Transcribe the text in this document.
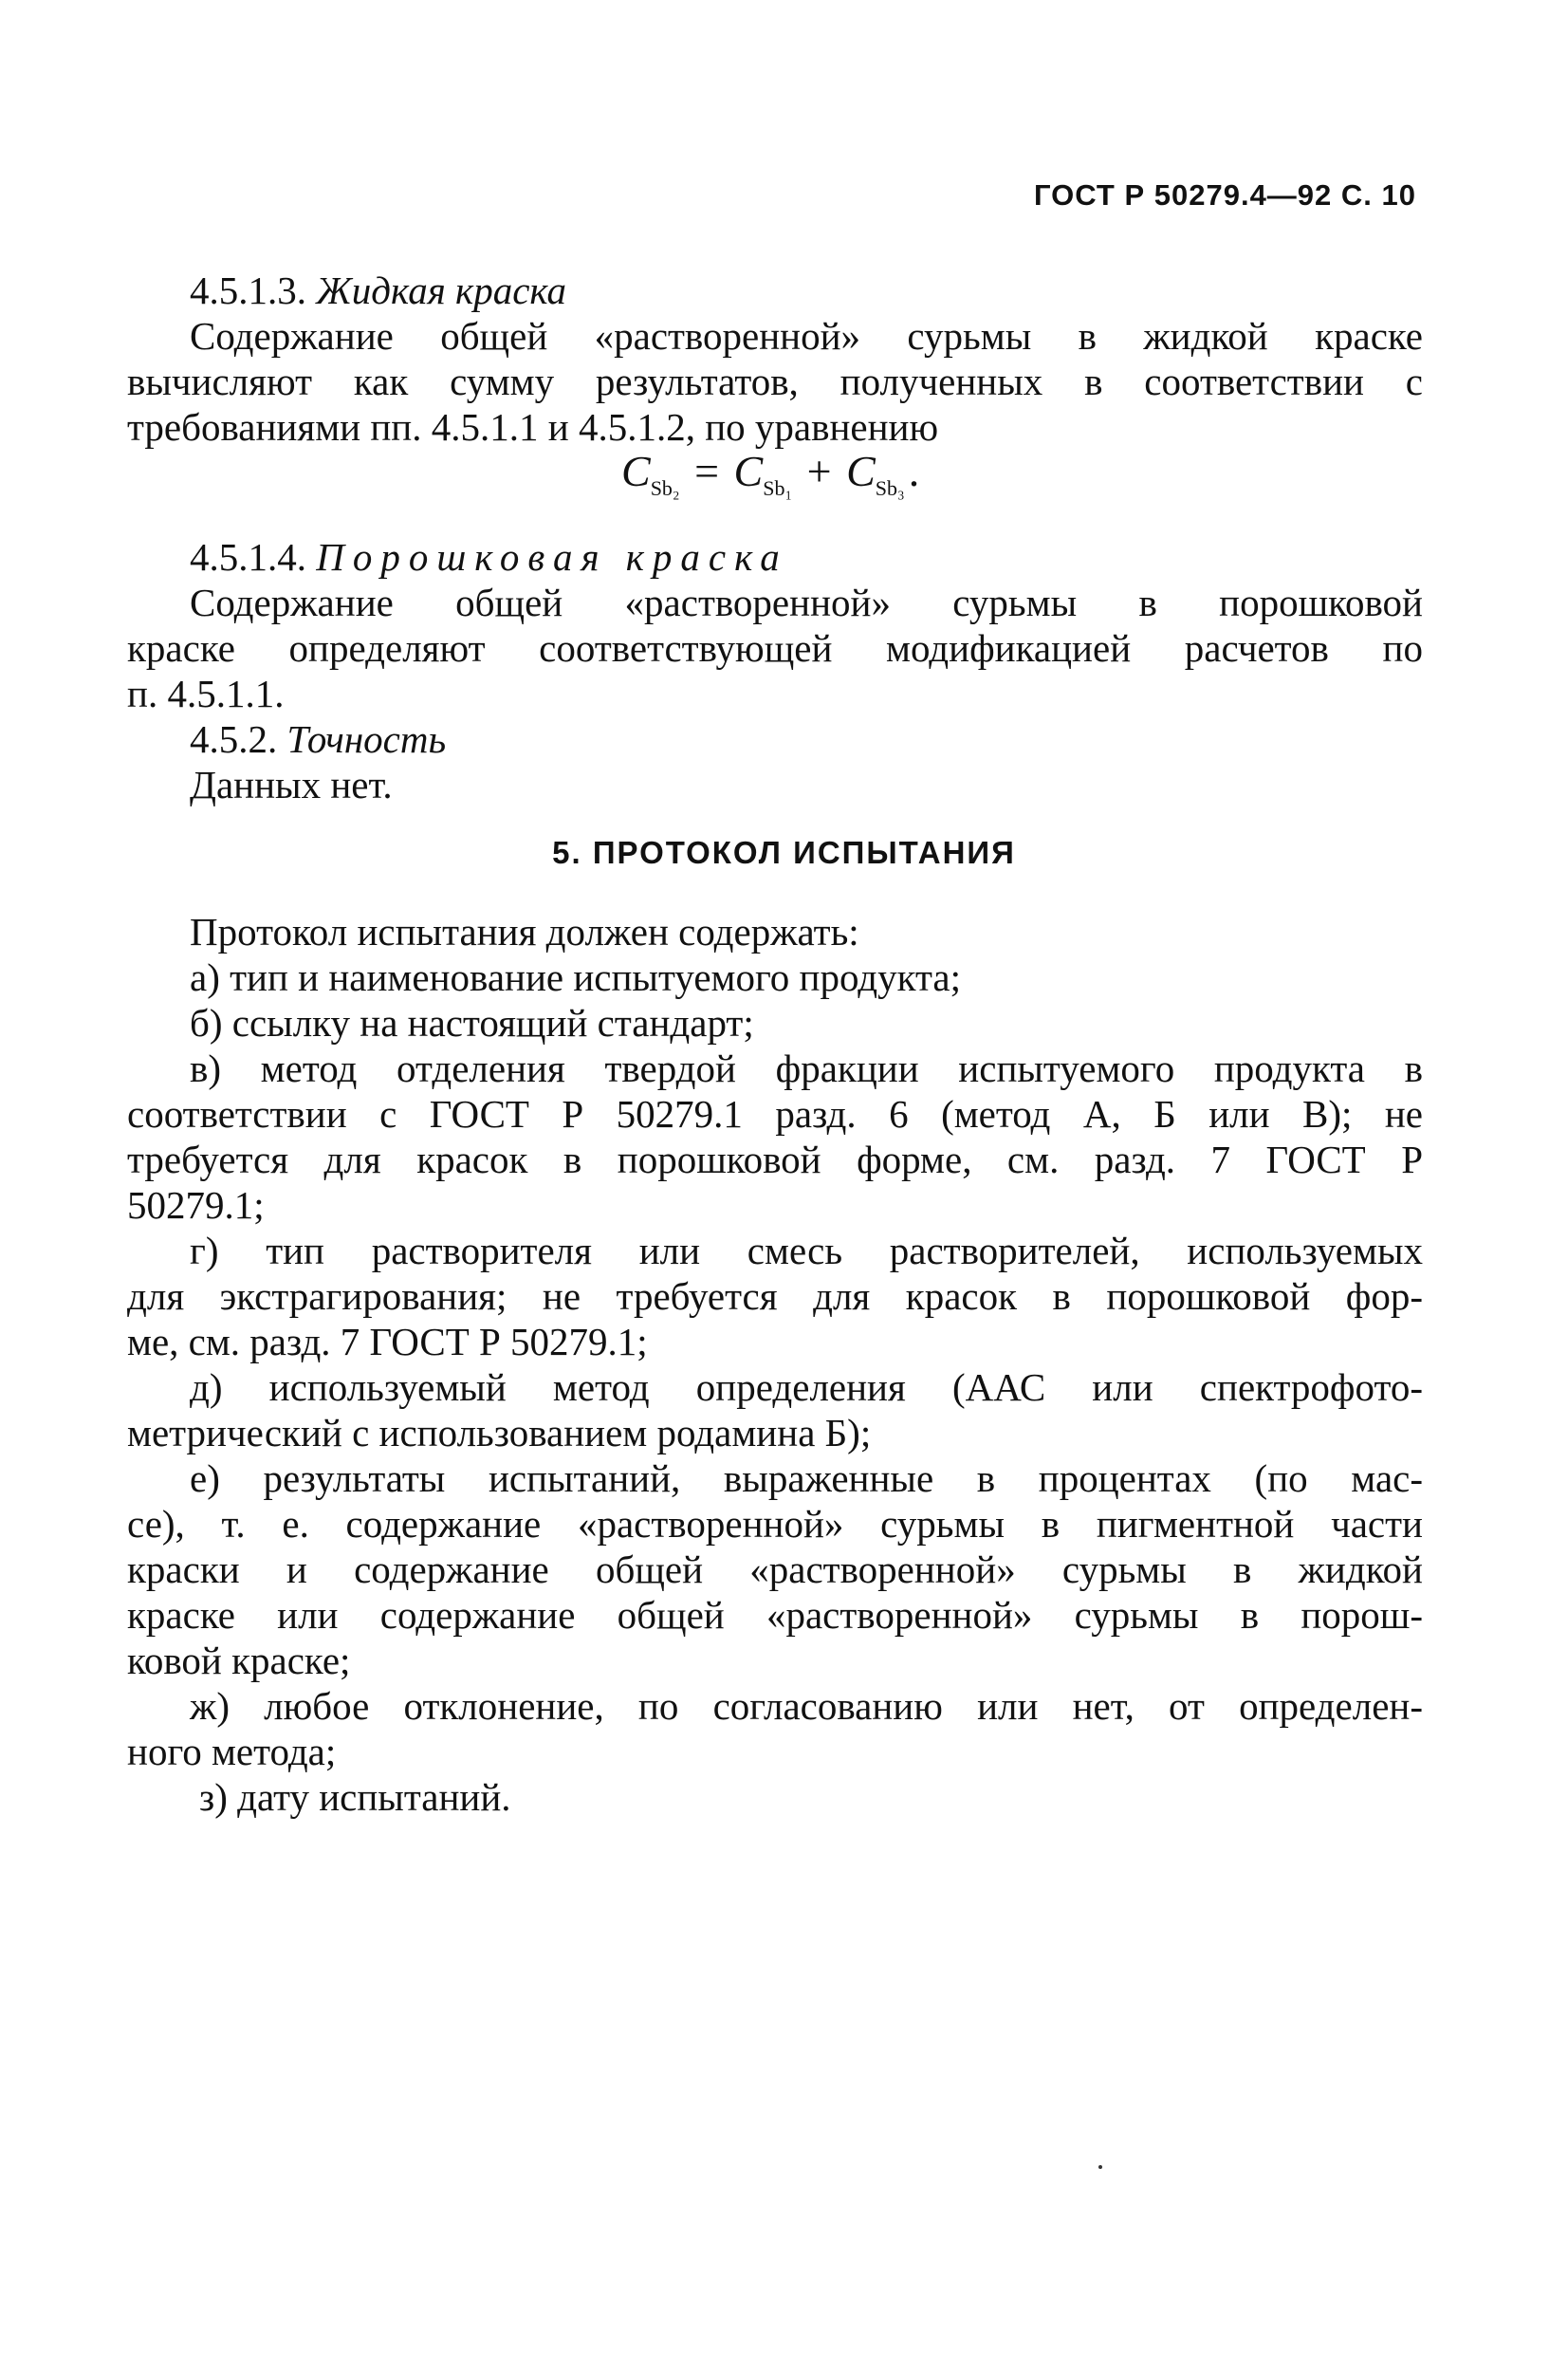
ГОСТ Р 50279.4—92 С. 10
4.5.1.3. Жидкая краска
Содержание общей «растворенной» сурьмы в жидкой краске
вычисляют как сумму результатов, полученных в соответствии с
требованиями пп. 4.5.1.1 и 4.5.1.2, по уравнению
$C_{Sb_2} = C_{Sb_1} + C_{Sb_3}$.
4.5.1.4. Порошковая краска
Содержание общей «растворенной» сурьмы в порошковой
краске определяют соответствующей модификацией расчетов по
п. 4.5.1.1.
4.5.2. Точность
Данных нет.
5. ПРОТОКОЛ ИСПЫТАНИЯ
Протокол испытания должен содержать:
а) тип и наименование испытуемого продукта;
б) ссылку на настоящий стандарт;
в) метод отделения твердой фракции испытуемого продукта в
соответствии с ГОСТ Р 50279.1 разд. 6 (метод А, Б или В); не
требуется для красок в порошковой форме, см. разд. 7 ГОСТ Р
50279.1;
г) тип растворителя или смесь растворителей, используемых
для экстрагирования; не требуется для красок в порошковой фор-
ме, см. разд. 7 ГОСТ Р 50279.1;
д) используемый метод определения (ААС или спектрофото-
метрический с использованием родамина Б);
е) результаты испытаний, выраженные в процентах (по мас-
се), т. е. содержание «растворенной» сурьмы в пигментной части
краски и содержание общей «растворенной» сурьмы в жидкой
краске или содержание общей «растворенной» сурьмы в порош-
ковой краске;
ж) любое отклонение, по согласованию или нет, от определен-
ного метода;
з) дату испытаний.
